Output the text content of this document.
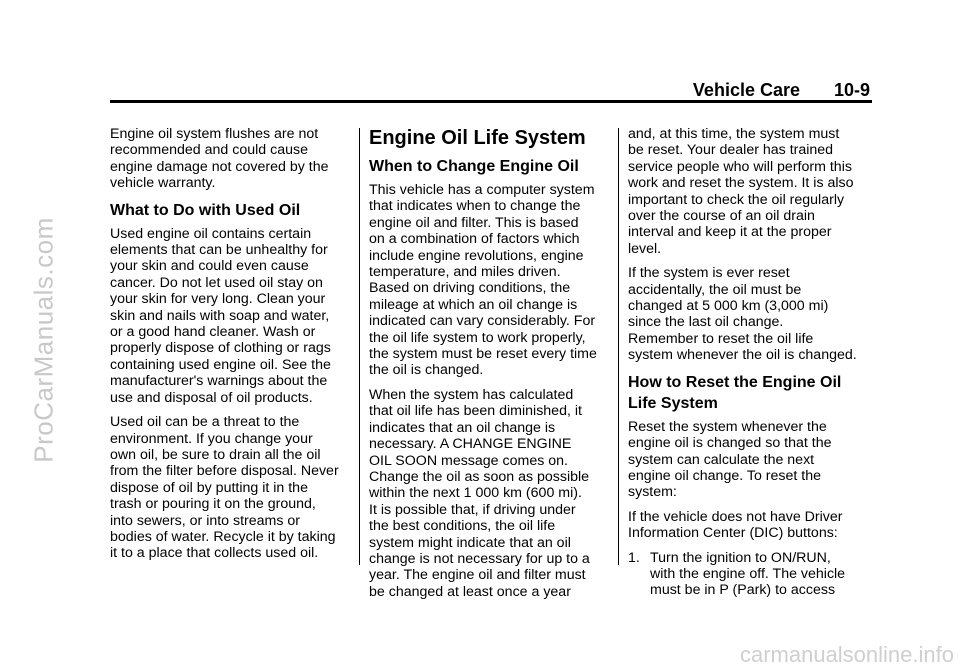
ProCarManuals.com
Vehicle Care 10-9

Engine oil system flushes are not
recommended and could cause
engine damage not covered by the
vehicle warranty.

What to Do with Used Oil

Used engine oil contains certain
elements that can be unhealthy for
your skin and could even cause
cancer. Do not let used oil stay on
your skin for very long. Clean your
skin and nails with soap and water,
or a good hand cleaner. Wash or
properly dispose of clothing or rags
containing used engine oil. See the
manufacturer's warnings about the
use and disposal of oil products.

Used oil can be a threat to the
environment. If you change your
own oil, be sure to drain all the oil
from the filter before disposal. Never
dispose of oil by putting it in the
trash or pouring it on the ground,
into sewers, or into streams or
bodies of water. Recycle it by taking
it to a place that collects used oil.

Engine Oil Life System
When to Change Engine Oil

This vehicle has a computer system
that indicates when to change the
engine oil and filter. This is based
on a combination of factors which
include engine revolutions, engine
temperature, and miles driven.
Based on driving conditions, the
mileage at which an oil change is
indicated can vary considerably. For
the oil life system to work properly,
the system must be reset every time
the oil is changed.

When the system has calculated
that oil life has been diminished, it
indicates that an oil change is
necessary. A CHANGE ENGINE
OIL SOON message comes on.
Change the oil as soon as possible
within the next 1 000 km (600 mi).
It is possible that, if driving under
the best conditions, the oil life
system might indicate that an oil
change is not necessary for up to a
year. The engine oil and filter must
be changed at least once a year

and, at this time, the system must
be reset. Your dealer has trained
service people who will perform this
work and reset the system. It is also
important to check the oil regularly
over the course of an oil drain
interval and keep it at the proper
level.

If the system is ever reset
accidentally, the oil must be
changed at 5 000 km (3,000 mi)
since the last oil change.
Remember to reset the oil life
system whenever the oil is changed.

How to Reset the Engine Oil
Life System

Reset the system whenever the
engine oil is changed so that the
system can calculate the next
engine oil change. To reset the
system:

If the vehicle does not have Driver
Information Center (DIC) buttons:

1. Turn the ignition to ON/RUN,
with the engine off. The vehicle
must be in P (Park) to access
carmanualsonline.info
